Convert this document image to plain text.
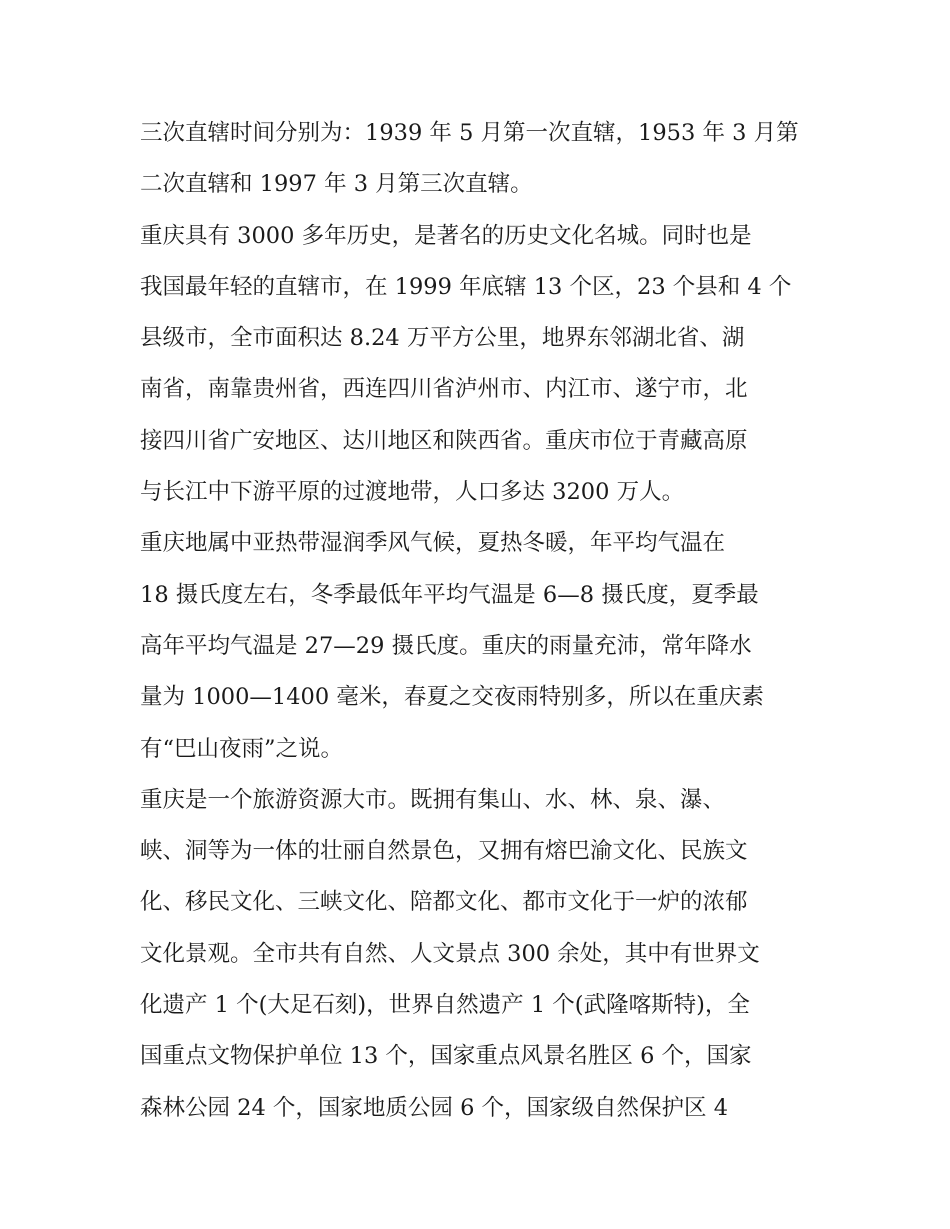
三次直辖时间分别为：1939 年 5 月第一次直辖，1953 年 3 月第
二次直辖和 1997 年 3 月第三次直辖。
重庆具有 3000 多年历史，是著名的历史文化名城。同时也是
我国最年轻的直辖市，在 1999 年底辖 13 个区，23 个县和 4 个
县级市，全市面积达 8.24 万平方公里，地界东邻湖北省、湖
南省，南靠贵州省，西连四川省泸州市、内江市、遂宁市，北
接四川省广安地区、达川地区和陕西省。重庆市位于青藏高原
与长江中下游平原的过渡地带，人口多达 3200 万人。
重庆地属中亚热带湿润季风气候，夏热冬暖，年平均气温在
18 摄氏度左右，冬季最低年平均气温是 6—8 摄氏度，夏季最
高年平均气温是 27—29 摄氏度。重庆的雨量充沛，常年降水
量为 1000—1400 毫米，春夏之交夜雨特别多，所以在重庆素
有“巴山夜雨”之说。
重庆是一个旅游资源大市。既拥有集山、水、林、泉、瀑、
峡、洞等为一体的壮丽自然景色，又拥有熔巴渝文化、民族文
化、移民文化、三峡文化、陪都文化、都市文化于一炉的浓郁
文化景观。全市共有自然、人文景点 300 余处，其中有世界文
化遗产 1 个(大足石刻)，世界自然遗产 1 个(武隆喀斯特)，全
国重点文物保护单位 13 个，国家重点风景名胜区 6 个，国家
森林公园 24 个，国家地质公园 6 个，国家级自然保护区 4
